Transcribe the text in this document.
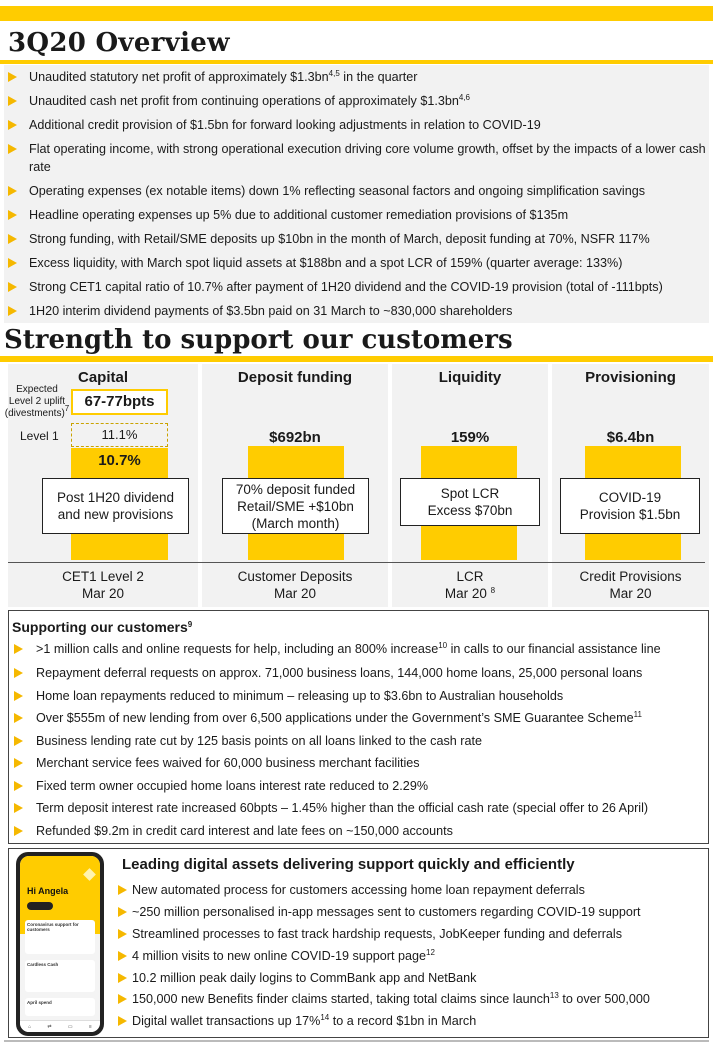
3Q20 Overview
Unaudited statutory net profit of approximately $1.3bn$^{4,5}$ in the quarter
Unaudited cash net profit from continuing operations of approximately $1.3bn$^{4,6}$
Additional credit provision of $1.5bn for forward looking adjustments in relation to COVID-19
Flat operating income, with strong operational execution driving core volume growth, offset by the impacts of a lower cash rate
Operating expenses (ex notable items) down 1% reflecting seasonal factors and ongoing simplification savings
Headline operating expenses up 5% due to additional customer remediation provisions of $135m
Strong funding, with Retail/SME deposits up $10bn in the month of March, deposit funding at 70%, NSFR 117%
Excess liquidity, with March spot liquid assets at $188bn and a spot LCR of 159% (quarter average: 133%)
Strong CET1 capital ratio of 10.7% after payment of 1H20 dividend and the COVID-19 provision (total of -111bpts)
1H20 interim dividend payments of $3.5bn paid on 31 March to ~830,000 shareholders
Strength to support our customers
Capital
Expected
Level 2 uplift
(divestments)$^7$	67-77bpts
Level 1	11.1%
10.7%
Post 1H20 dividend
and new provisions
Deposit funding
$692bn
70% deposit funded
Retail/SME +$10bn
(March month)
Liquidity
159%
Spot LCR
Excess $70bn
Provisioning
$6.4bn
COVID-19
Provision $1.5bn
CET1 Level 2
Mar 20
Customer Deposits
Mar 20
LCR
Mar 20 $^8$
Credit Provisions
Mar 20
Supporting our customers$^9$
>1 million calls and online requests for help, including an 800% increase$^{10}$ in calls to our financial assistance line
Repayment deferral requests on approx. 71,000 business loans, 144,000 home loans, 25,000 personal loans
Home loan repayments reduced to minimum – releasing up to $3.6bn to Australian households
Over $555m of new lending from over 6,500 applications under the Government’s SME Guarantee Scheme$^{11}$
Business lending rate cut by 125 basis points on all loans linked to the cash rate
Merchant service fees waived for 60,000 business merchant facilities
Fixed term owner occupied home loans interest rate reduced to 2.29%
Term deposit interest rate increased 60bpts – 1.45% higher than the official cash rate (special offer to 26 April)
Refunded $9.2m in credit card interest and late fees on ~150,000 accounts
Hi Angela
Coronavirus support for customers
Cardless Cash
April spend
⌂	⇄	▭	≡
Leading digital assets delivering support quickly and efficiently
New automated process for customers accessing home loan repayment deferrals
~250 million personalised in-app messages sent to customers regarding COVID-19 support
Streamlined processes to fast track hardship requests, JobKeeper funding and deferrals
4 million visits to new online COVID-19 support page$^{12}$
10.2 million peak daily logins to CommBank app and NetBank
150,000 new Benefits finder claims started, taking total claims since launch$^{13}$ to over 500,000
Digital wallet transactions up 17%$^{14}$ to a record $1bn in March
